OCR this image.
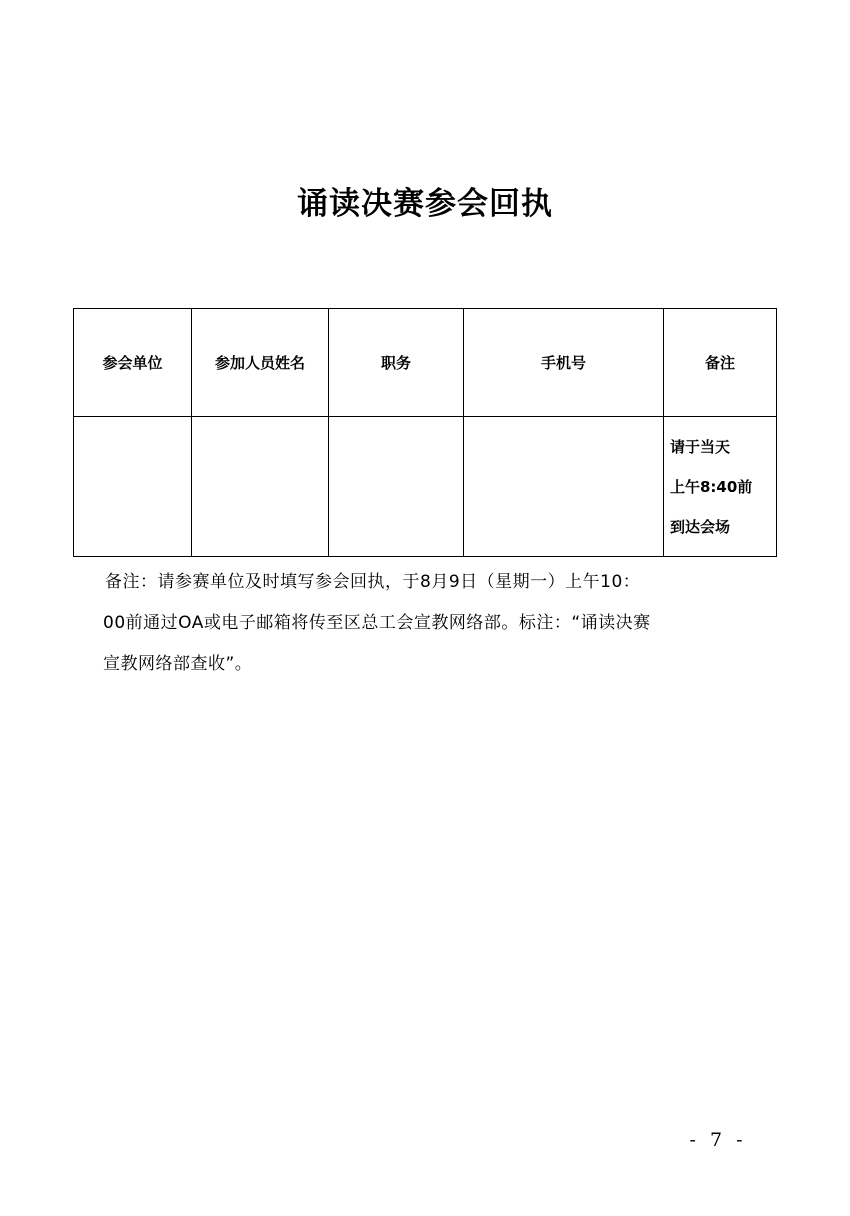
诵读决赛参会回执
参会单位	参加人员姓名	职务	手机号	备注

				请于当天
上午8:40前
到达会场
备注：请参赛单位及时填写参会回执，于8月9日（星期一）上午10：
00前通过OA或电子邮箱将传至区总工会宣教网络部。标注：“诵读决赛
宣教网络部查收”。
- 7 -
